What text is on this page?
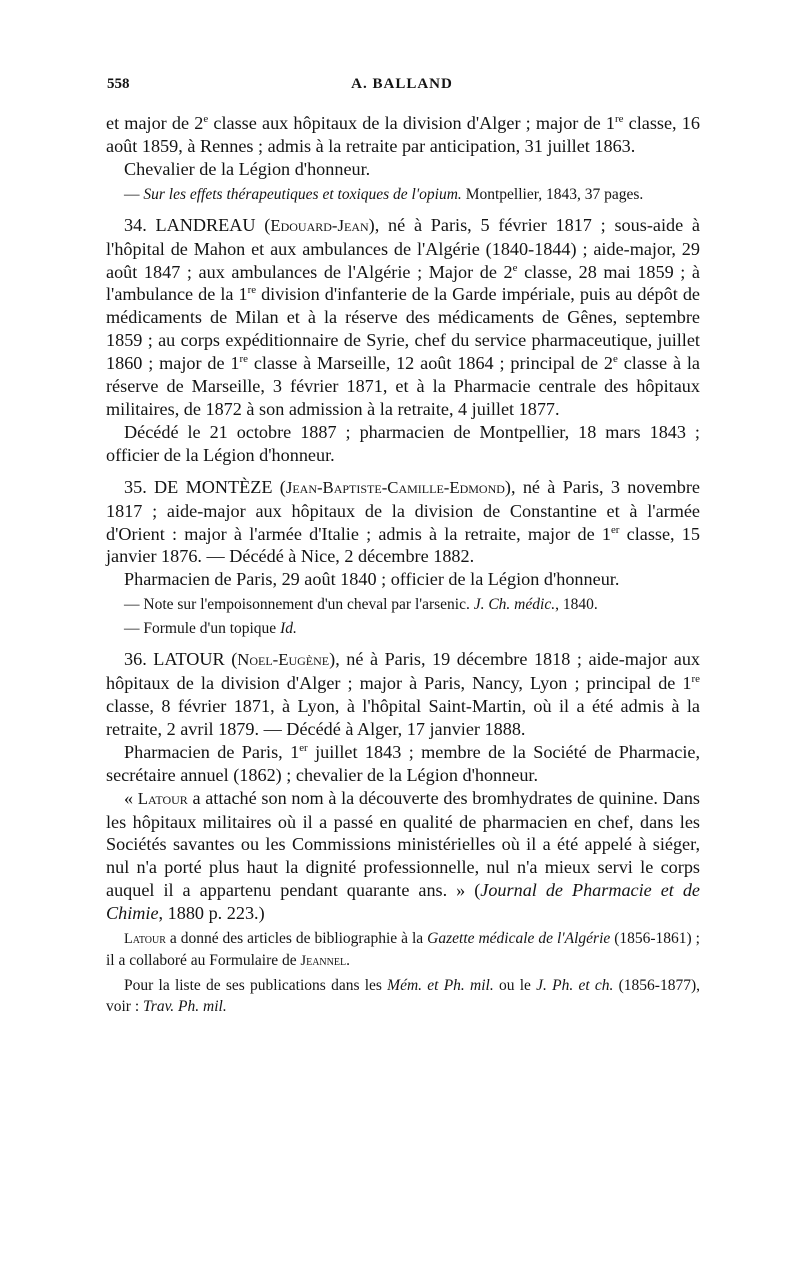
558	A. BALLAND

et major de 2e classe aux hôpitaux de la division d'Alger ; major de 1re classe, 16 août 1859, à Rennes ; admis à la retraite par anticipation, 31 juillet 1863.

Chevalier de la Légion d'honneur.

— Sur les effets thérapeutiques et toxiques de l'opium. Montpellier, 1843, 37 pages.

34. LANDREAU (Edouard-Jean), né à Paris, 5 février 1817 ; sous-aide à l'hôpital de Mahon et aux ambulances de l'Algérie (1840-1844) ; aide-major, 29 août 1847 ; aux ambulances de l'Algérie ; Major de 2e classe, 28 mai 1859 ; à l'ambulance de la 1re division d'infanterie de la Garde impériale, puis au dépôt de médicaments de Milan et à la réserve des médicaments de Gênes, septembre 1859 ; au corps expéditionnaire de Syrie, chef du service pharmaceutique, juillet 1860 ; major de 1re classe à Marseille, 12 août 1864 ; principal de 2e classe à la réserve de Marseille, 3 février 1871, et à la Pharmacie centrale des hôpitaux militaires, de 1872 à son admission à la retraite, 4 juillet 1877.

Décédé le 21 octobre 1887 ; pharmacien de Montpellier, 18 mars 1843 ; officier de la Légion d'honneur.

35. DE MONTÈZE (Jean-Baptiste-Camille-Edmond), né à Paris, 3 novembre 1817 ; aide-major aux hôpitaux de la division de Constantine et à l'armée d'Orient : major à l'armée d'Italie ; admis à la retraite, major de 1er classe, 15 janvier 1876. — Décédé à Nice, 2 décembre 1882.

Pharmacien de Paris, 29 août 1840 ; officier de la Légion d'honneur.

— Note sur l'empoisonnement d'un cheval par l'arsenic. J. Ch. médic., 1840.

— Formule d'un topique Id.

36. LATOUR (Noel-Eugène), né à Paris, 19 décembre 1818 ; aide-major aux hôpitaux de la division d'Alger ; major à Paris, Nancy, Lyon ; principal de 1re classe, 8 février 1871, à Lyon, à l'hôpital Saint-Martin, où il a été admis à la retraite, 2 avril 1879. — Décédé à Alger, 17 janvier 1888.

Pharmacien de Paris, 1er juillet 1843 ; membre de la Société de Pharmacie, secrétaire annuel (1862) ; chevalier de la Légion d'honneur.

« Latour a attaché son nom à la découverte des bromhydrates de quinine. Dans les hôpitaux militaires où il a passé en qualité de pharmacien en chef, dans les Sociétés savantes ou les Commissions ministérielles où il a été appelé à siéger, nul n'a porté plus haut la dignité professionnelle, nul n'a mieux servi le corps auquel il a appartenu pendant quarante ans. » (Journal de Pharmacie et de Chimie, 1880 p. 223.)

Latour a donné des articles de bibliographie à la Gazette médicale de l'Algérie (1856-1861) ; il a collaboré au Formulaire de Jeannel.

Pour la liste de ses publications dans les Mém. et Ph. mil. ou le J. Ph. et ch. (1856-1877), voir : Trav. Ph. mil.
